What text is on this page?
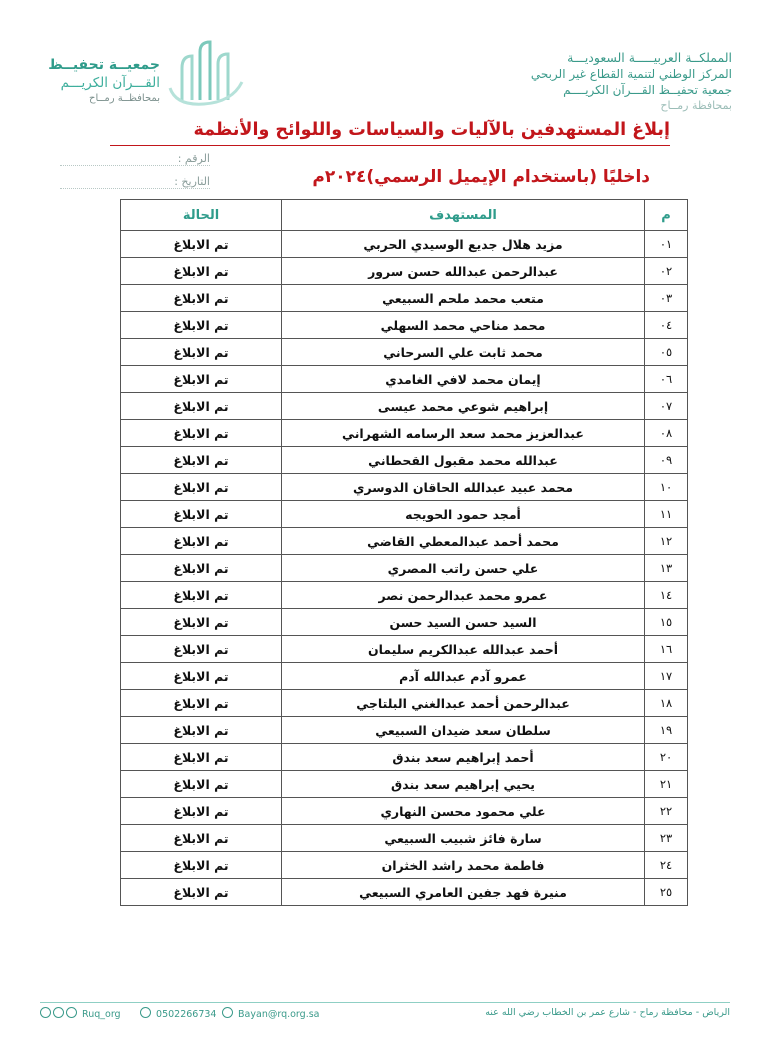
المملكــة العربيـــــة السعوديـــة
المركز الوطني لتنمية القطاع غير الربحي
جمعية تحفيــظ القـــرآن الكريــــم
بمحافظة رمــاح
جمعيــة تحفيــظ
القـــرآن الكريـــم
بمحافظــة رمــاح
إبلاغ المستهدفين بالآليات والسياسات واللوائح والأنظمة
داخليًا (باستخدام الإيميل الرسمي)٢٠٢٤م
الرقم :
التاريخ :
م	المستهدف	الحالة
٠١	مزيد هلال جديع الوسيدي الحربي	تم الابلاغ
٠٢	عبدالرحمن عبدالله حسن سرور	تم الابلاغ
٠٣	متعب محمد ملحم السبيعي	تم الابلاغ
٠٤	محمد مناحي محمد السهلي	تم الابلاغ
٠٥	محمد ثابت علي السرحاني	تم الابلاغ
٠٦	إيمان محمد لافي الغامدي	تم الابلاغ
٠٧	إبراهيم شوعي محمد عيسى	تم الابلاغ
٠٨	عبدالعزيز محمد سعد الرسامه الشهراني	تم الابلاغ
٠٩	عبدالله محمد مقبول القحطاني	تم الابلاغ
١٠	محمد عبيد عبدالله الحاقان الدوسري	تم الابلاغ
١١	أمجد حمود الحويجه	تم الابلاغ
١٢	محمد أحمد عبدالمعطي القاضي	تم الابلاغ
١٣	علي حسن راتب المصري	تم الابلاغ
١٤	عمرو محمد عبدالرحمن نصر	تم الابلاغ
١٥	السيد حسن السيد حسن	تم الابلاغ
١٦	أحمد عبدالله عبدالكريم سليمان	تم الابلاغ
١٧	عمرو آدم عبدالله آدم	تم الابلاغ
١٨	عبدالرحمن أحمد عبدالغني البلتاجي	تم الابلاغ
١٩	سلطان سعد ضيدان السبيعي	تم الابلاغ
٢٠	أحمد إبراهيم سعد بندق	تم الابلاغ
٢١	يحيي إبراهيم سعد بندق	تم الابلاغ
٢٢	علي محمود محسن النهاري	تم الابلاغ
٢٣	سارة فائز شبيب السبيعي	تم الابلاغ
٢٤	فاطمة محمد راشد الخثران	تم الابلاغ
٢٥	منيرة فهد جفين العامري السبيعي	تم الابلاغ
Ruq_org	0502266734	Bayan@rq.org.sa	الرياض - محافظة رماح - شارع عمر بن الخطاب رضي الله عنه
